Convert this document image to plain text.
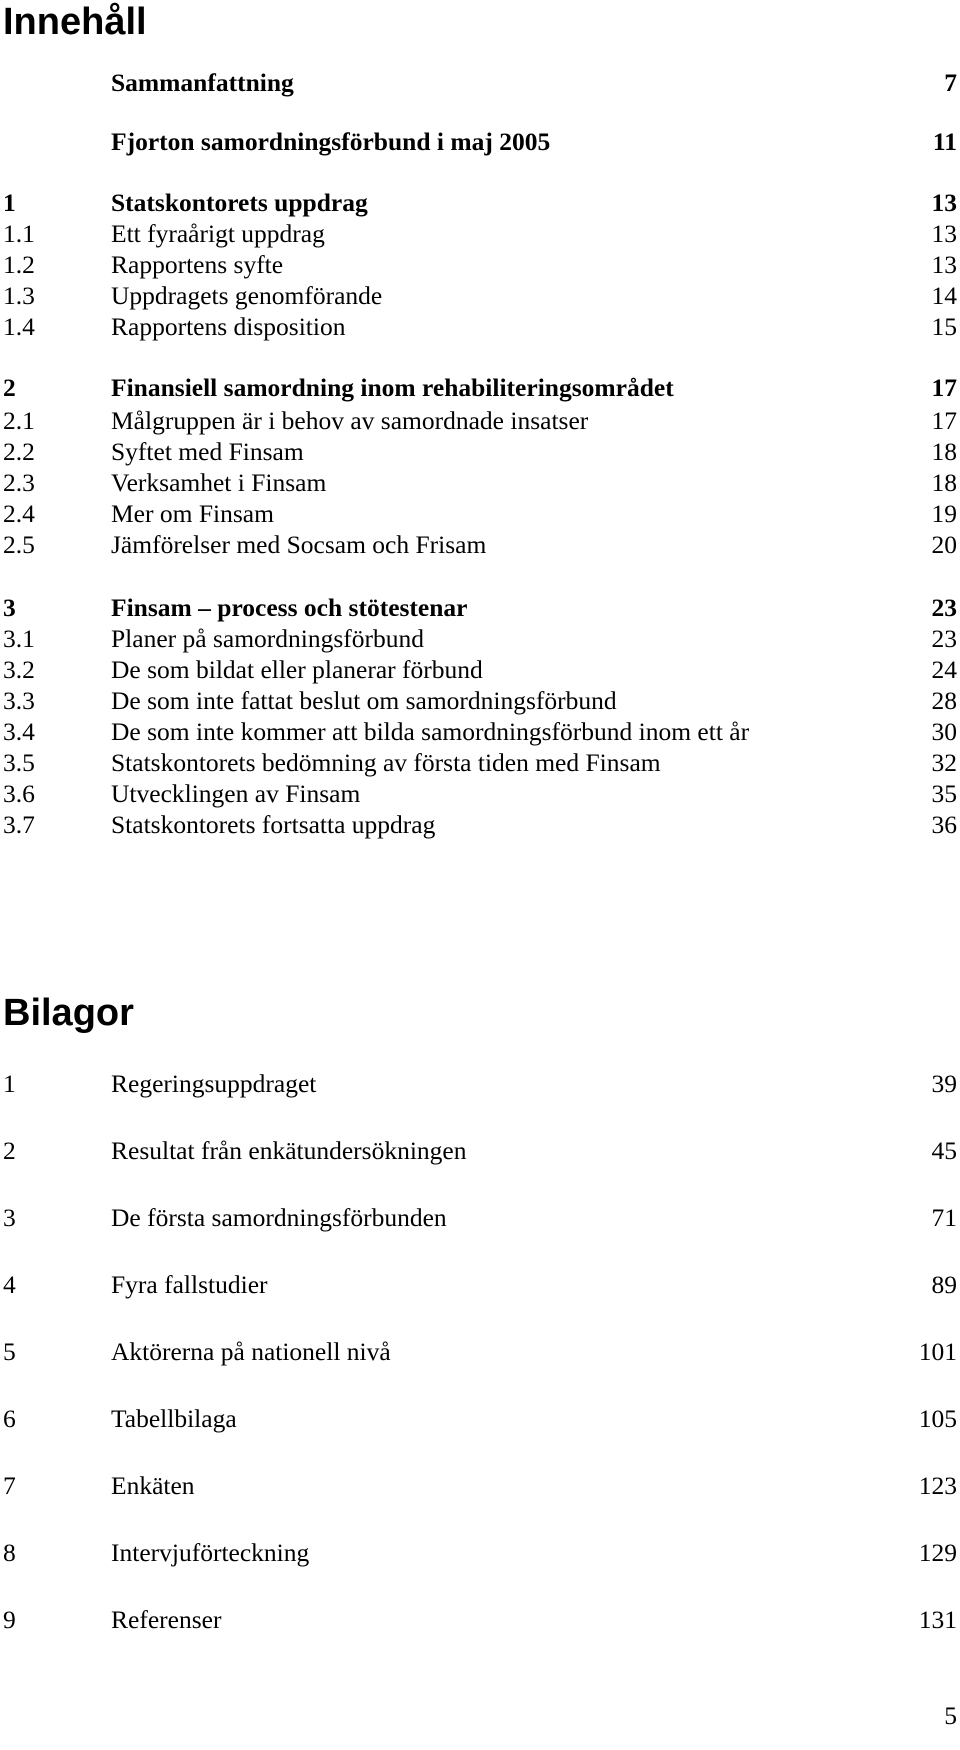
Innehåll
Sammanfattning	7
Fjorton samordningsförbund i maj 2005	11
1	Statskontorets uppdrag	13
1.1	Ett fyraårigt uppdrag	13
1.2	Rapportens syfte	13
1.3	Uppdragets genomförande	14
1.4	Rapportens disposition	15
2	Finansiell samordning inom rehabiliteringsområdet	17
2.1	Målgruppen är i behov av samordnade insatser	17
2.2	Syftet med Finsam	18
2.3	Verksamhet i Finsam	18
2.4	Mer om Finsam	19
2.5	Jämförelser med Socsam och Frisam	20
3	Finsam – process och stötestenar	23
3.1	Planer på samordningsförbund	23
3.2	De som bildat eller planerar förbund	24
3.3	De som inte fattat beslut om samordningsförbund	28
3.4	De som inte kommer att bilda samordningsförbund inom ett år	30
3.5	Statskontorets bedömning av första tiden med Finsam	32
3.6	Utvecklingen av Finsam	35
3.7	Statskontorets fortsatta uppdrag	36
Bilagor
1	Regeringsuppdraget	39
2	Resultat från enkätundersökningen	45
3	De första samordningsförbunden	71
4	Fyra fallstudier	89
5	Aktörerna på nationell nivå	101
6	Tabellbilaga	105
7	Enkäten	123
8	Intervjuförteckning	129
9	Referenser	131
5
